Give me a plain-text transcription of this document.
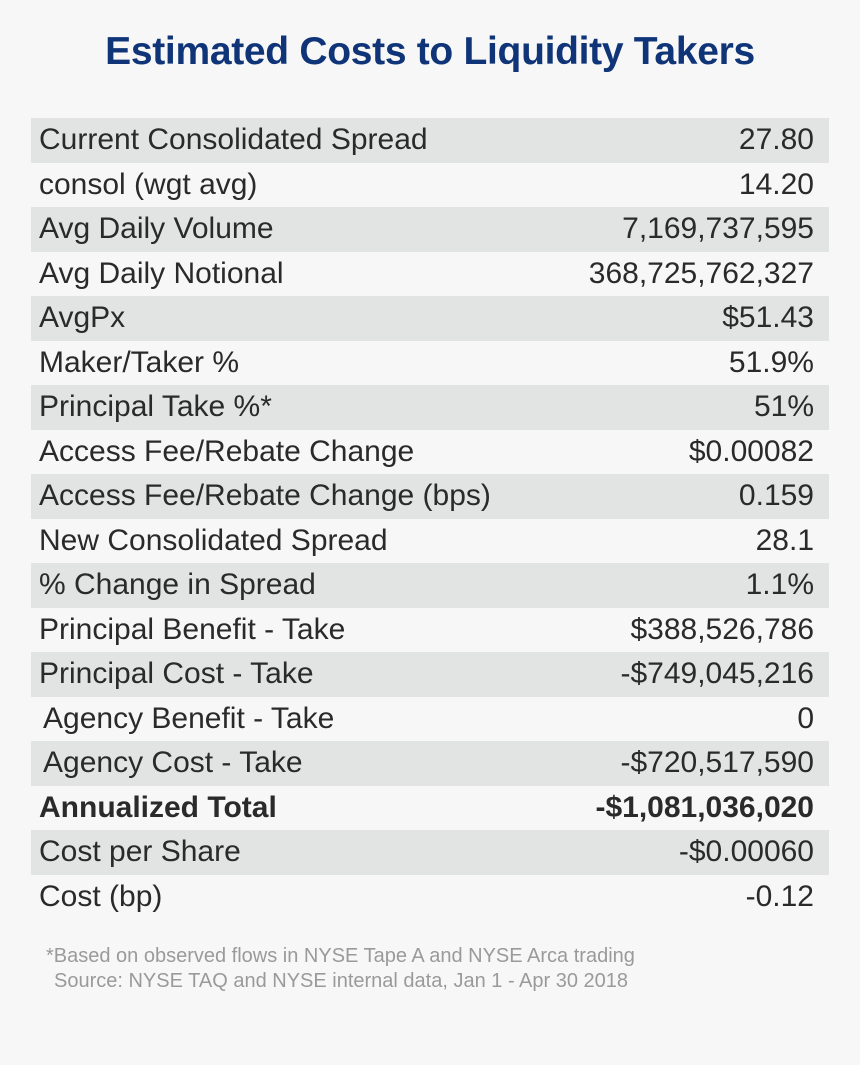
Estimated Costs to Liquidity Takers
Current Consolidated Spread	27.80
consol (wgt avg)	14.20
Avg Daily Volume	7,169,737,595
Avg Daily Notional	368,725,762,327
AvgPx	$51.43
Maker/Taker %	51.9%
Principal Take %*	51%
Access Fee/Rebate Change	$0.00082
Access Fee/Rebate Change (bps)	0.159
New Consolidated Spread	28.1
% Change in Spread	1.1%
Principal Benefit - Take	$388,526,786
Principal Cost - Take	-$749,045,216
Agency Benefit - Take	0
Agency Cost - Take	-$720,517,590
Annualized Total	-$1,081,036,020
Cost per Share	-$0.00060
Cost (bp)	-0.12
*Based on observed flows in NYSE Tape A and NYSE Arca trading
Source: NYSE TAQ and NYSE internal data, Jan 1 - Apr 30 2018
